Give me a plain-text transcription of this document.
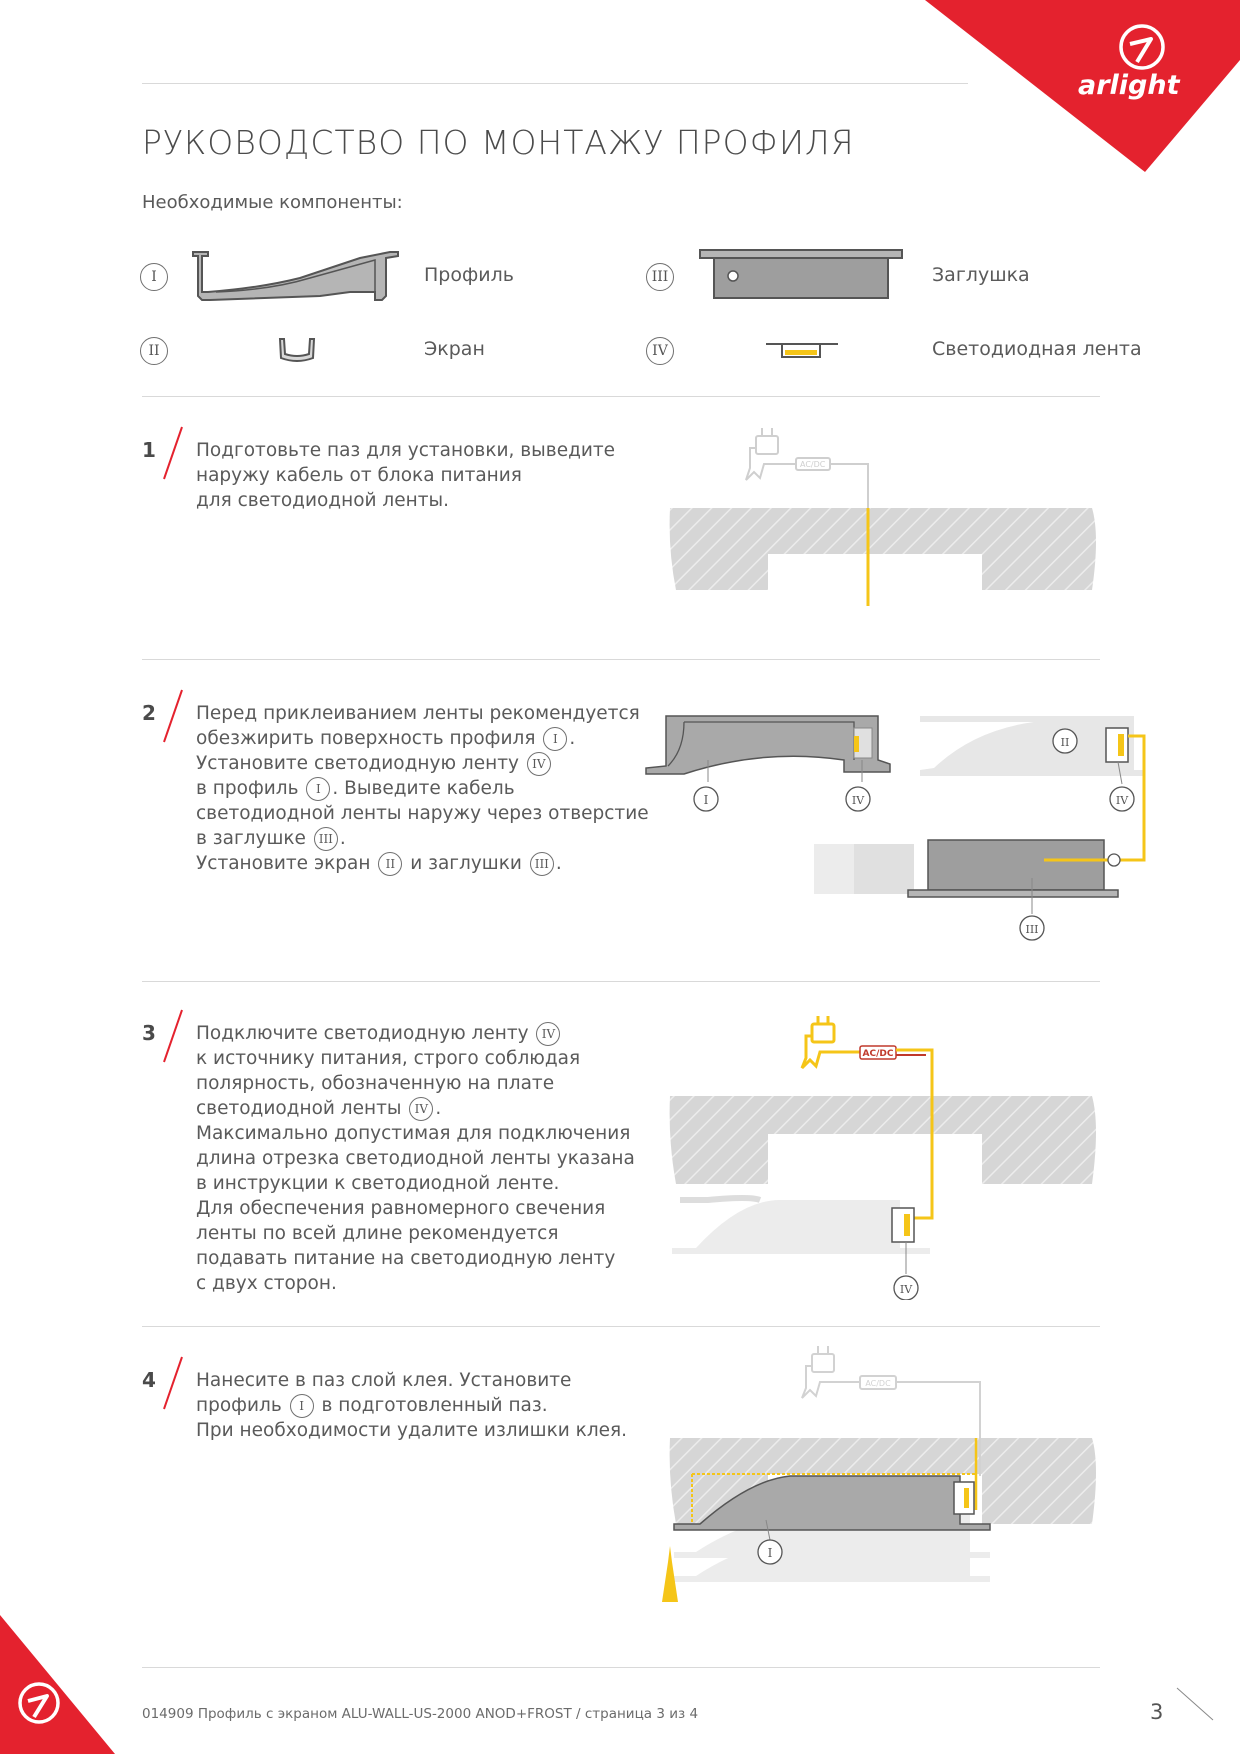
arlight
РУКОВОДСТВО ПО МОНТАЖУ ПРОФИЛЯ
Необходимые компоненты:
I	Профиль
II	Экран
III	Заглушка
IV	Светодиодная лента
1 Подготовьте паз для установки, выведите
наружу кабель от блока питания
для светодиодной ленты.
AC/DC
2 Перед приклеиванием ленты рекомендуется
обезжирить поверхность профиля I .
Установите светодиодную ленту IV
в профиль I . Выведите кабель
светодиодной ленты наружу через отверстие
в заглушке III .
Установите экран II и заглушки III .
I	IV
II
IV
III
3 Подключите светодиодную ленту IV
к источнику питания, строго соблюдая
полярность, обозначенную на плате
светодиодной ленты IV .
Максимально допустимая для подключения
длина отрезка светодиодной ленты указана
в инструкции к светодиодной ленте.
Для обеспечения равномерного свечения
ленты по всей длине рекомендуется
подавать питание на светодиодную ленту
с двух сторон.
AC/DC
IV
4 Нанесите в паз слой клея. Установите
профиль I в подготовленный паз.
При необходимости удалите излишки клея.
AC/DC
I
014909 Профиль с экраном ALU-WALL-US-2000 ANOD+FROST / страница 3 из 4	3
